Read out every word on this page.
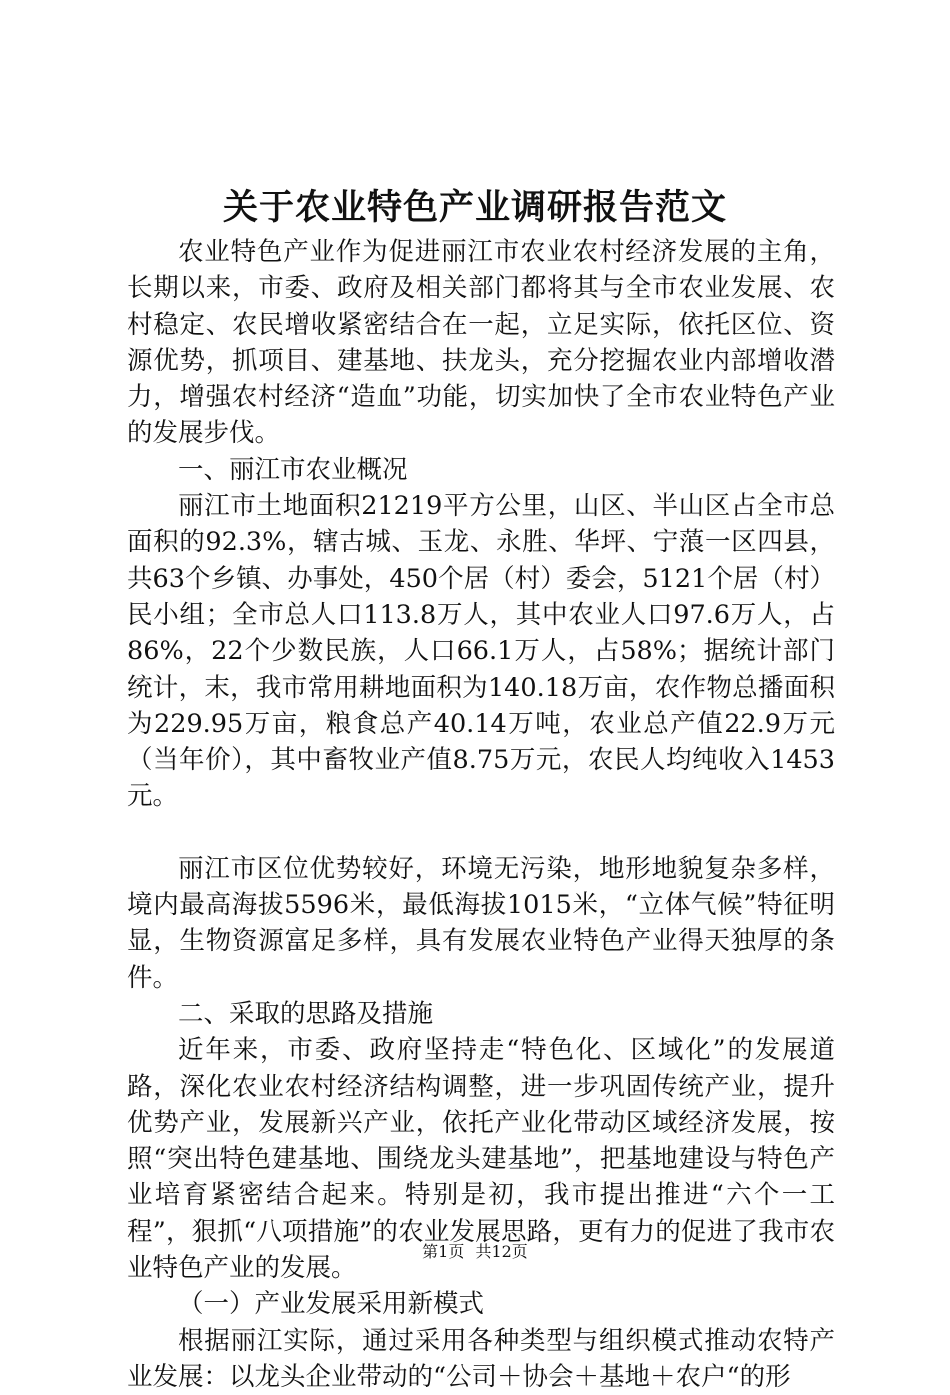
关于农业特色产业调研报告范文

农业特色产业作为促进丽江市农业农村经济发展的主角，长期以来，市委、政府及相关部门都将其与全市农业发展、农村稳定、农民增收紧密结合在一起，立足实际，依托区位、资源优势，抓项目、建基地、扶龙头，充分挖掘农业内部增收潜力，增强农村经济“造血”功能，切实加快了全市农业特色产业的发展步伐。

一、丽江市农业概况

丽江市土地面积21219平方公里，山区、半山区占全市总面积的92.3%，辖古城、玉龙、永胜、华坪、宁蒗一区四县，共63个乡镇、办事处，450个居（村）委会，5121个居（村）民小组；全市总人口113.8万人，其中农业人口97.6万人，占86%，22个少数民族，人口66.1万人，占58%；据统计部门统计，末，我市常用耕地面积为140.18万亩，农作物总播面积为229.95万亩，粮食总产40.14万吨，农业总产值22.9万元（当年价），其中畜牧业产值8.75万元，农民人均纯收入1453元。

丽江市区位优势较好，环境无污染，地形地貌复杂多样，境内最高海拔5596米，最低海拔1015米，“立体气候”特征明显，生物资源富足多样，具有发展农业特色产业得天独厚的条件。

二、采取的思路及措施

近年来，市委、政府坚持走“特色化、区域化”的发展道路，深化农业农村经济结构调整，进一步巩固传统产业，提升优势产业，发展新兴产业，依托产业化带动区域经济发展，按照“突出特色建基地、围绕龙头建基地”，把基地建设与特色产业培育紧密结合起来。特别是初，我市提出推进“六个一工程”，狠抓“八项措施”的农业发展思路，更有力的促进了我市农业特色产业的发展。

（一）产业发展采用新模式

根据丽江实际，通过采用各种类型与组织模式推动农特产业发展：以龙头企业带动的“公司＋协会＋基地＋农户“的形

第1页 共12页
